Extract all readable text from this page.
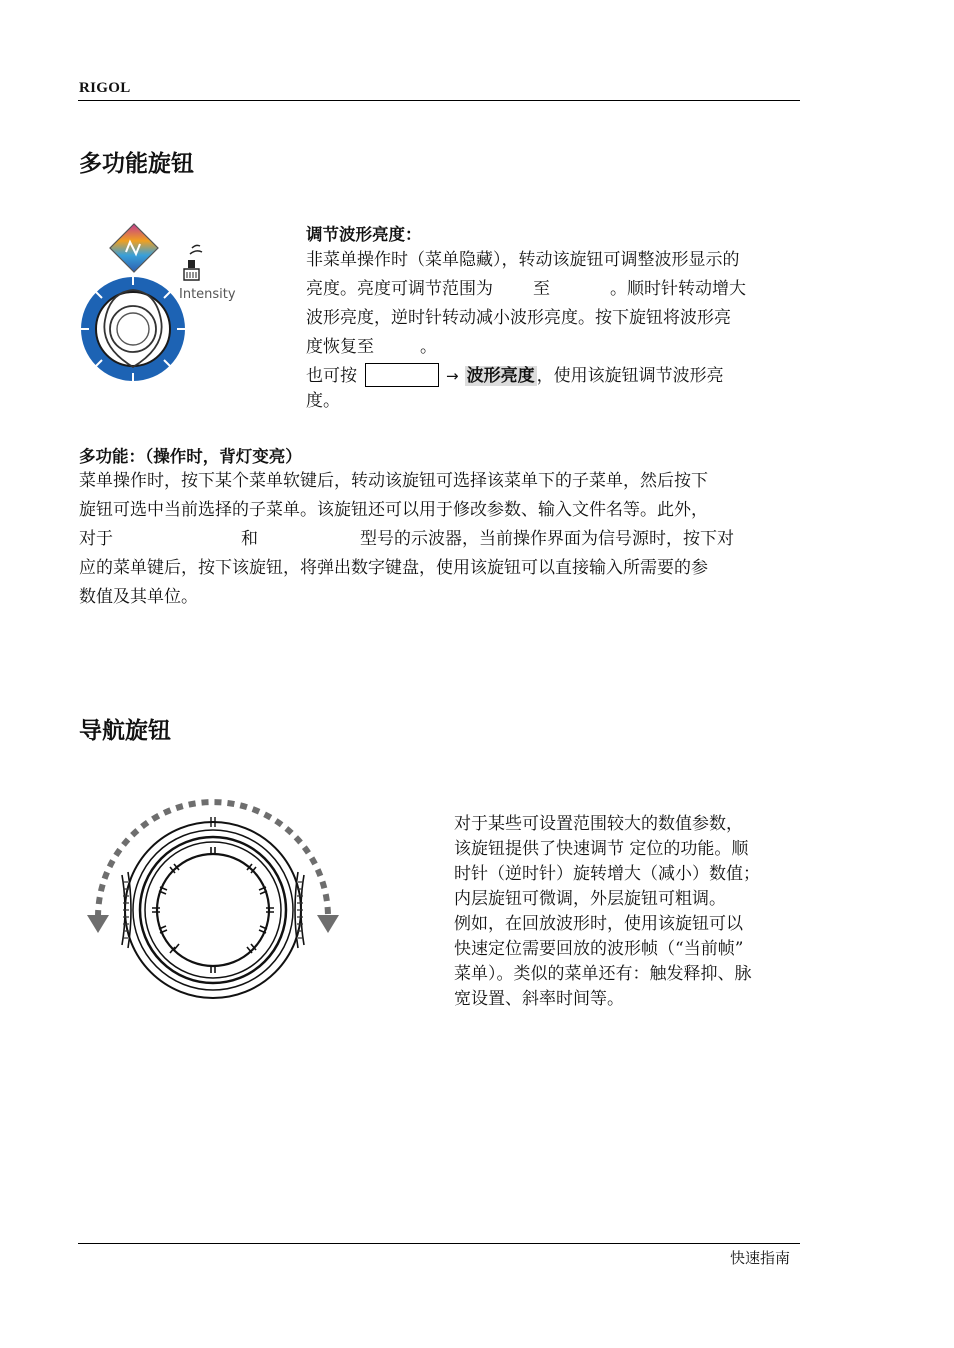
RIGOL
多功能旋钮
Intensity
调节波形亮度：
非菜单操作时（菜单隐藏），转动该旋钮可调整波形显示的
亮度。亮度可调节范围为 至	。顺时针转动增大
波形亮度，逆时针转动减小波形亮度。按下旋钮将波形亮
度恢复至	。
也可按	→ 波形亮度 ，使用该旋钮调节波形亮
度。
多功能：（操作时，背灯变亮）
菜单操作时，按下某个菜单软键后，转动该旋钮可选择该菜单下的子菜单，然后按下
旋钮可选中当前选择的子菜单。该旋钮还可以用于修改参数、输入文件名等。此外，
对于	和	型号的示波器，当前操作界面为信号源时，按下对
应的菜单键后，按下该旋钮，将弹出数字键盘，使用该旋钮可以直接输入所需要的参
数值及其单位。
导航旋钮
对于某些可设置范围较大的数值参数，
该旋钮提供了快速调节 定位的功能。顺
时针（逆时针）旋转增大（减小）数值；
内层旋钮可微调，外层旋钮可粗调。
例如，在回放波形时，使用该旋钮可以
快速定位需要回放的波形帧（“当前帧”
菜单）。类似的菜单还有：触发释抑、脉
宽设置、斜率时间等。
快速指南
